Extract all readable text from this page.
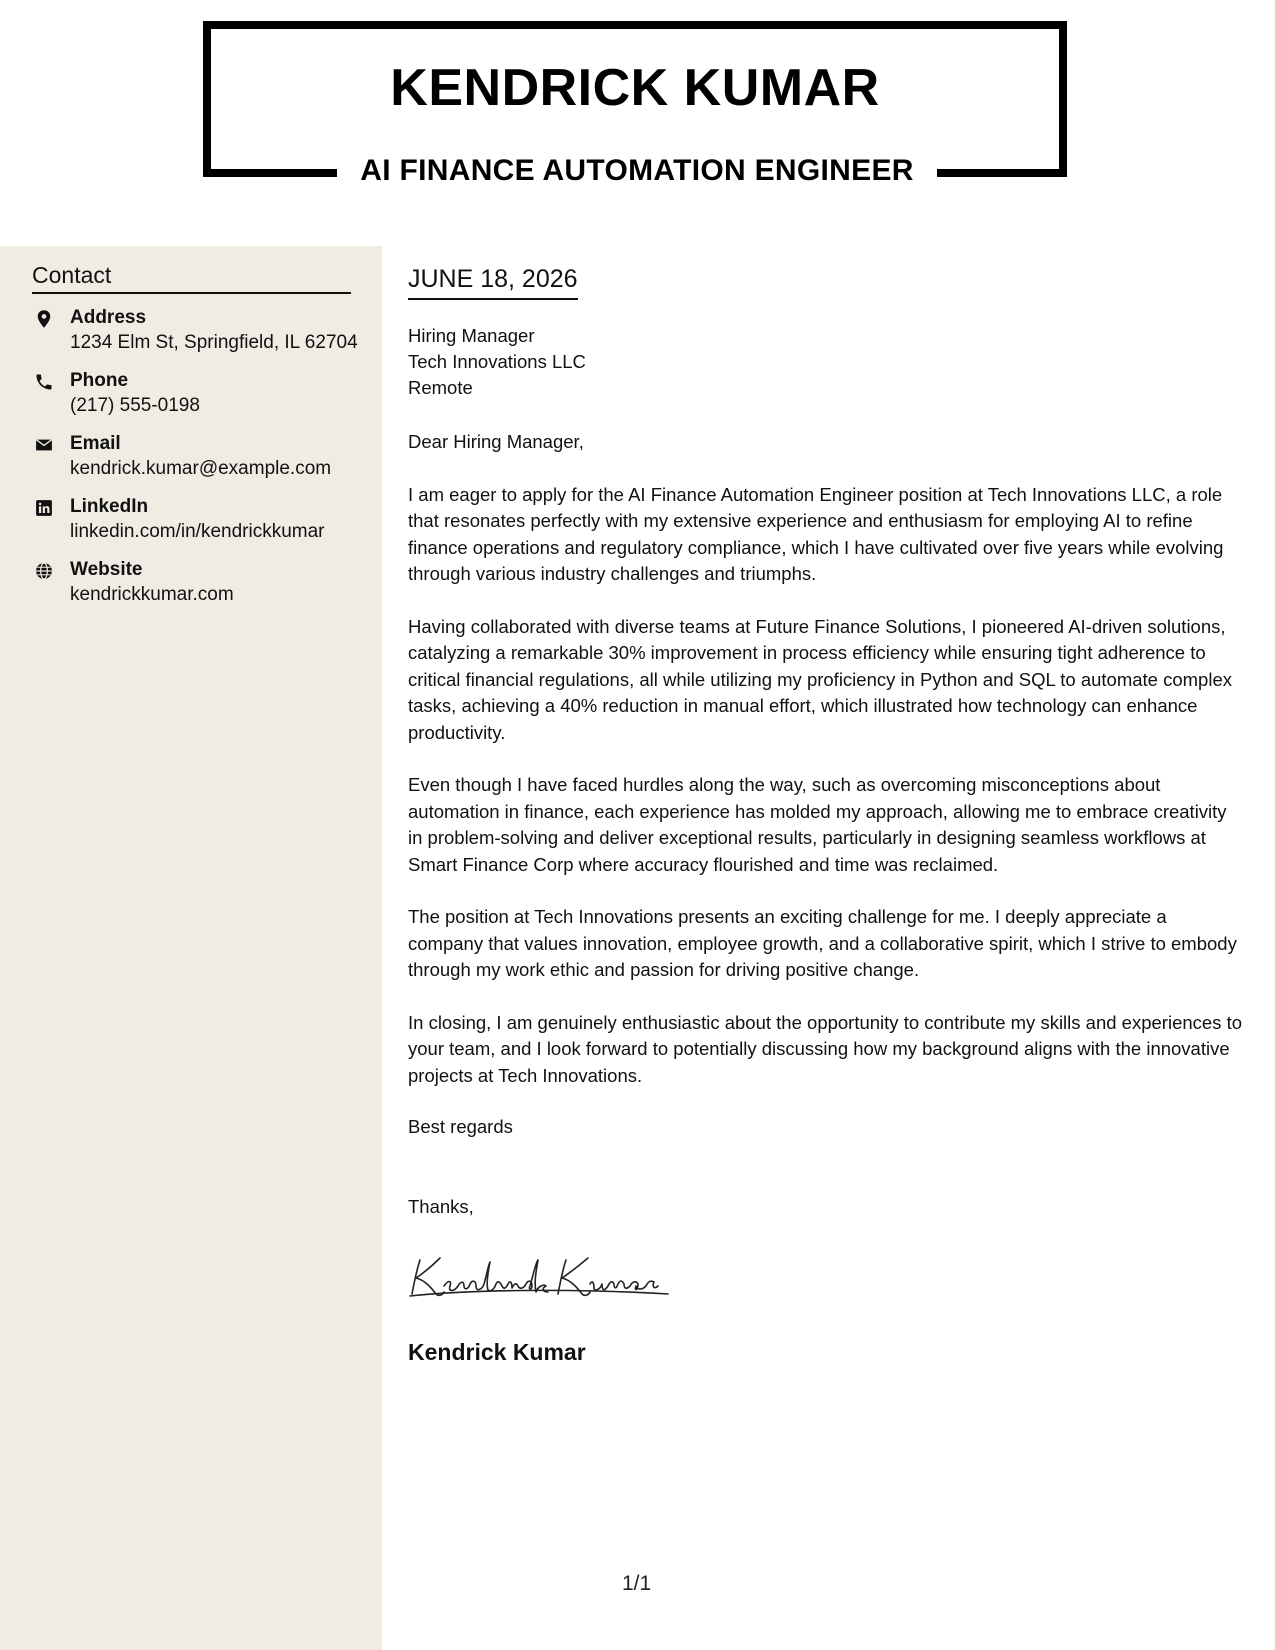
KENDRICK KUMAR
AI FINANCE AUTOMATION ENGINEER
Contact
Address
1234 Elm St, Springfield, IL 62704
Phone
(217) 555-0198
Email
kendrick.kumar@example.com
LinkedIn
linkedin.com/in/kendrickkumar
Website
kendrickkumar.com
JUNE 18, 2026
Hiring Manager
Tech Innovations LLC
Remote

Dear Hiring Manager,

I am eager to apply for the AI Finance Automation Engineer position at Tech Innovations LLC, a role that resonates perfectly with my extensive experience and enthusiasm for employing AI to refine finance operations and regulatory compliance, which I have cultivated over five years while evolving through various industry challenges and triumphs.

Having collaborated with diverse teams at Future Finance Solutions, I pioneered AI-driven solutions, catalyzing a remarkable 30% improvement in process efficiency while ensuring tight adherence to critical financial regulations, all while utilizing my proficiency in Python and SQL to automate complex tasks, achieving a 40% reduction in manual effort, which illustrated how technology can enhance productivity.

Even though I have faced hurdles along the way, such as overcoming misconceptions about automation in finance, each experience has molded my approach, allowing me to embrace creativity in problem-solving and deliver exceptional results, particularly in designing seamless workflows at Smart Finance Corp where accuracy flourished and time was reclaimed.

The position at Tech Innovations presents an exciting challenge for me. I deeply appreciate a company that values innovation, employee growth, and a collaborative spirit, which I strive to embody through my work ethic and passion for driving positive change.

In closing, I am genuinely enthusiastic about the opportunity to contribute my skills and experiences to your team, and I look forward to potentially discussing how my background aligns with the innovative projects at Tech Innovations.

Best regards
Thanks,
Kendrick Kumar
1/1
